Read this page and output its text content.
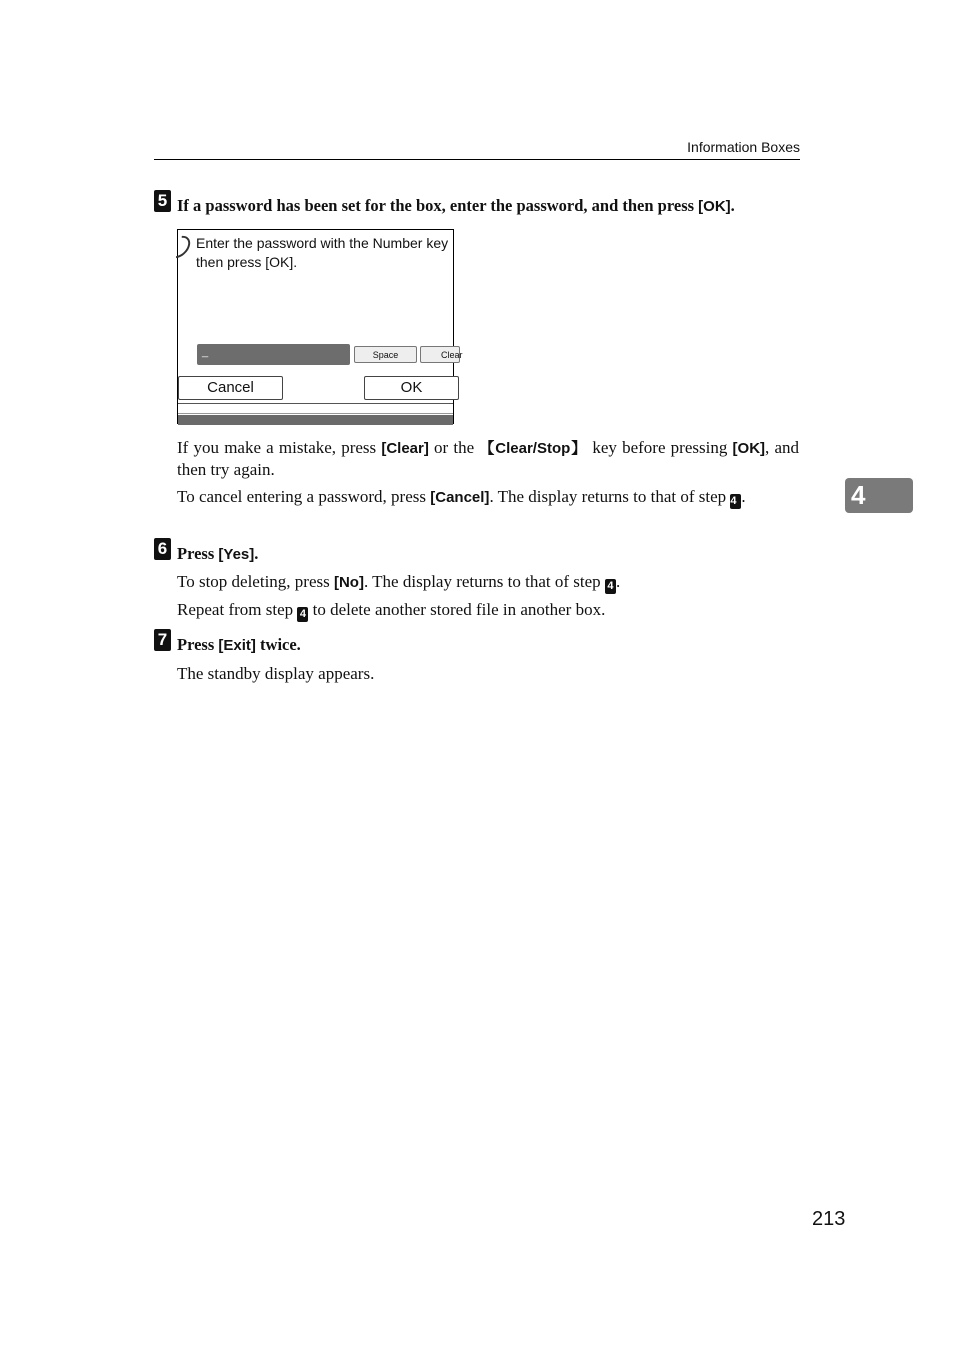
Information Boxes
5 If a password has been set for the box, enter the password, and then press [OK].
Enter the password with the Number key
then press [OK].
_	Space	Clear
Cancel	OK
If you make a mistake, press [Clear] or the 【Clear/Stop】 key before pressing [OK], and then try again.
To cancel entering a password, press [Cancel]. The display returns to that of step 4 .	4
6 Press [Yes].
To stop deleting, press [No]. The display returns to that of step 4 .
Repeat from step 4 to delete another stored file in another box.
7 Press [Exit] twice.
The standby display appears.
213
